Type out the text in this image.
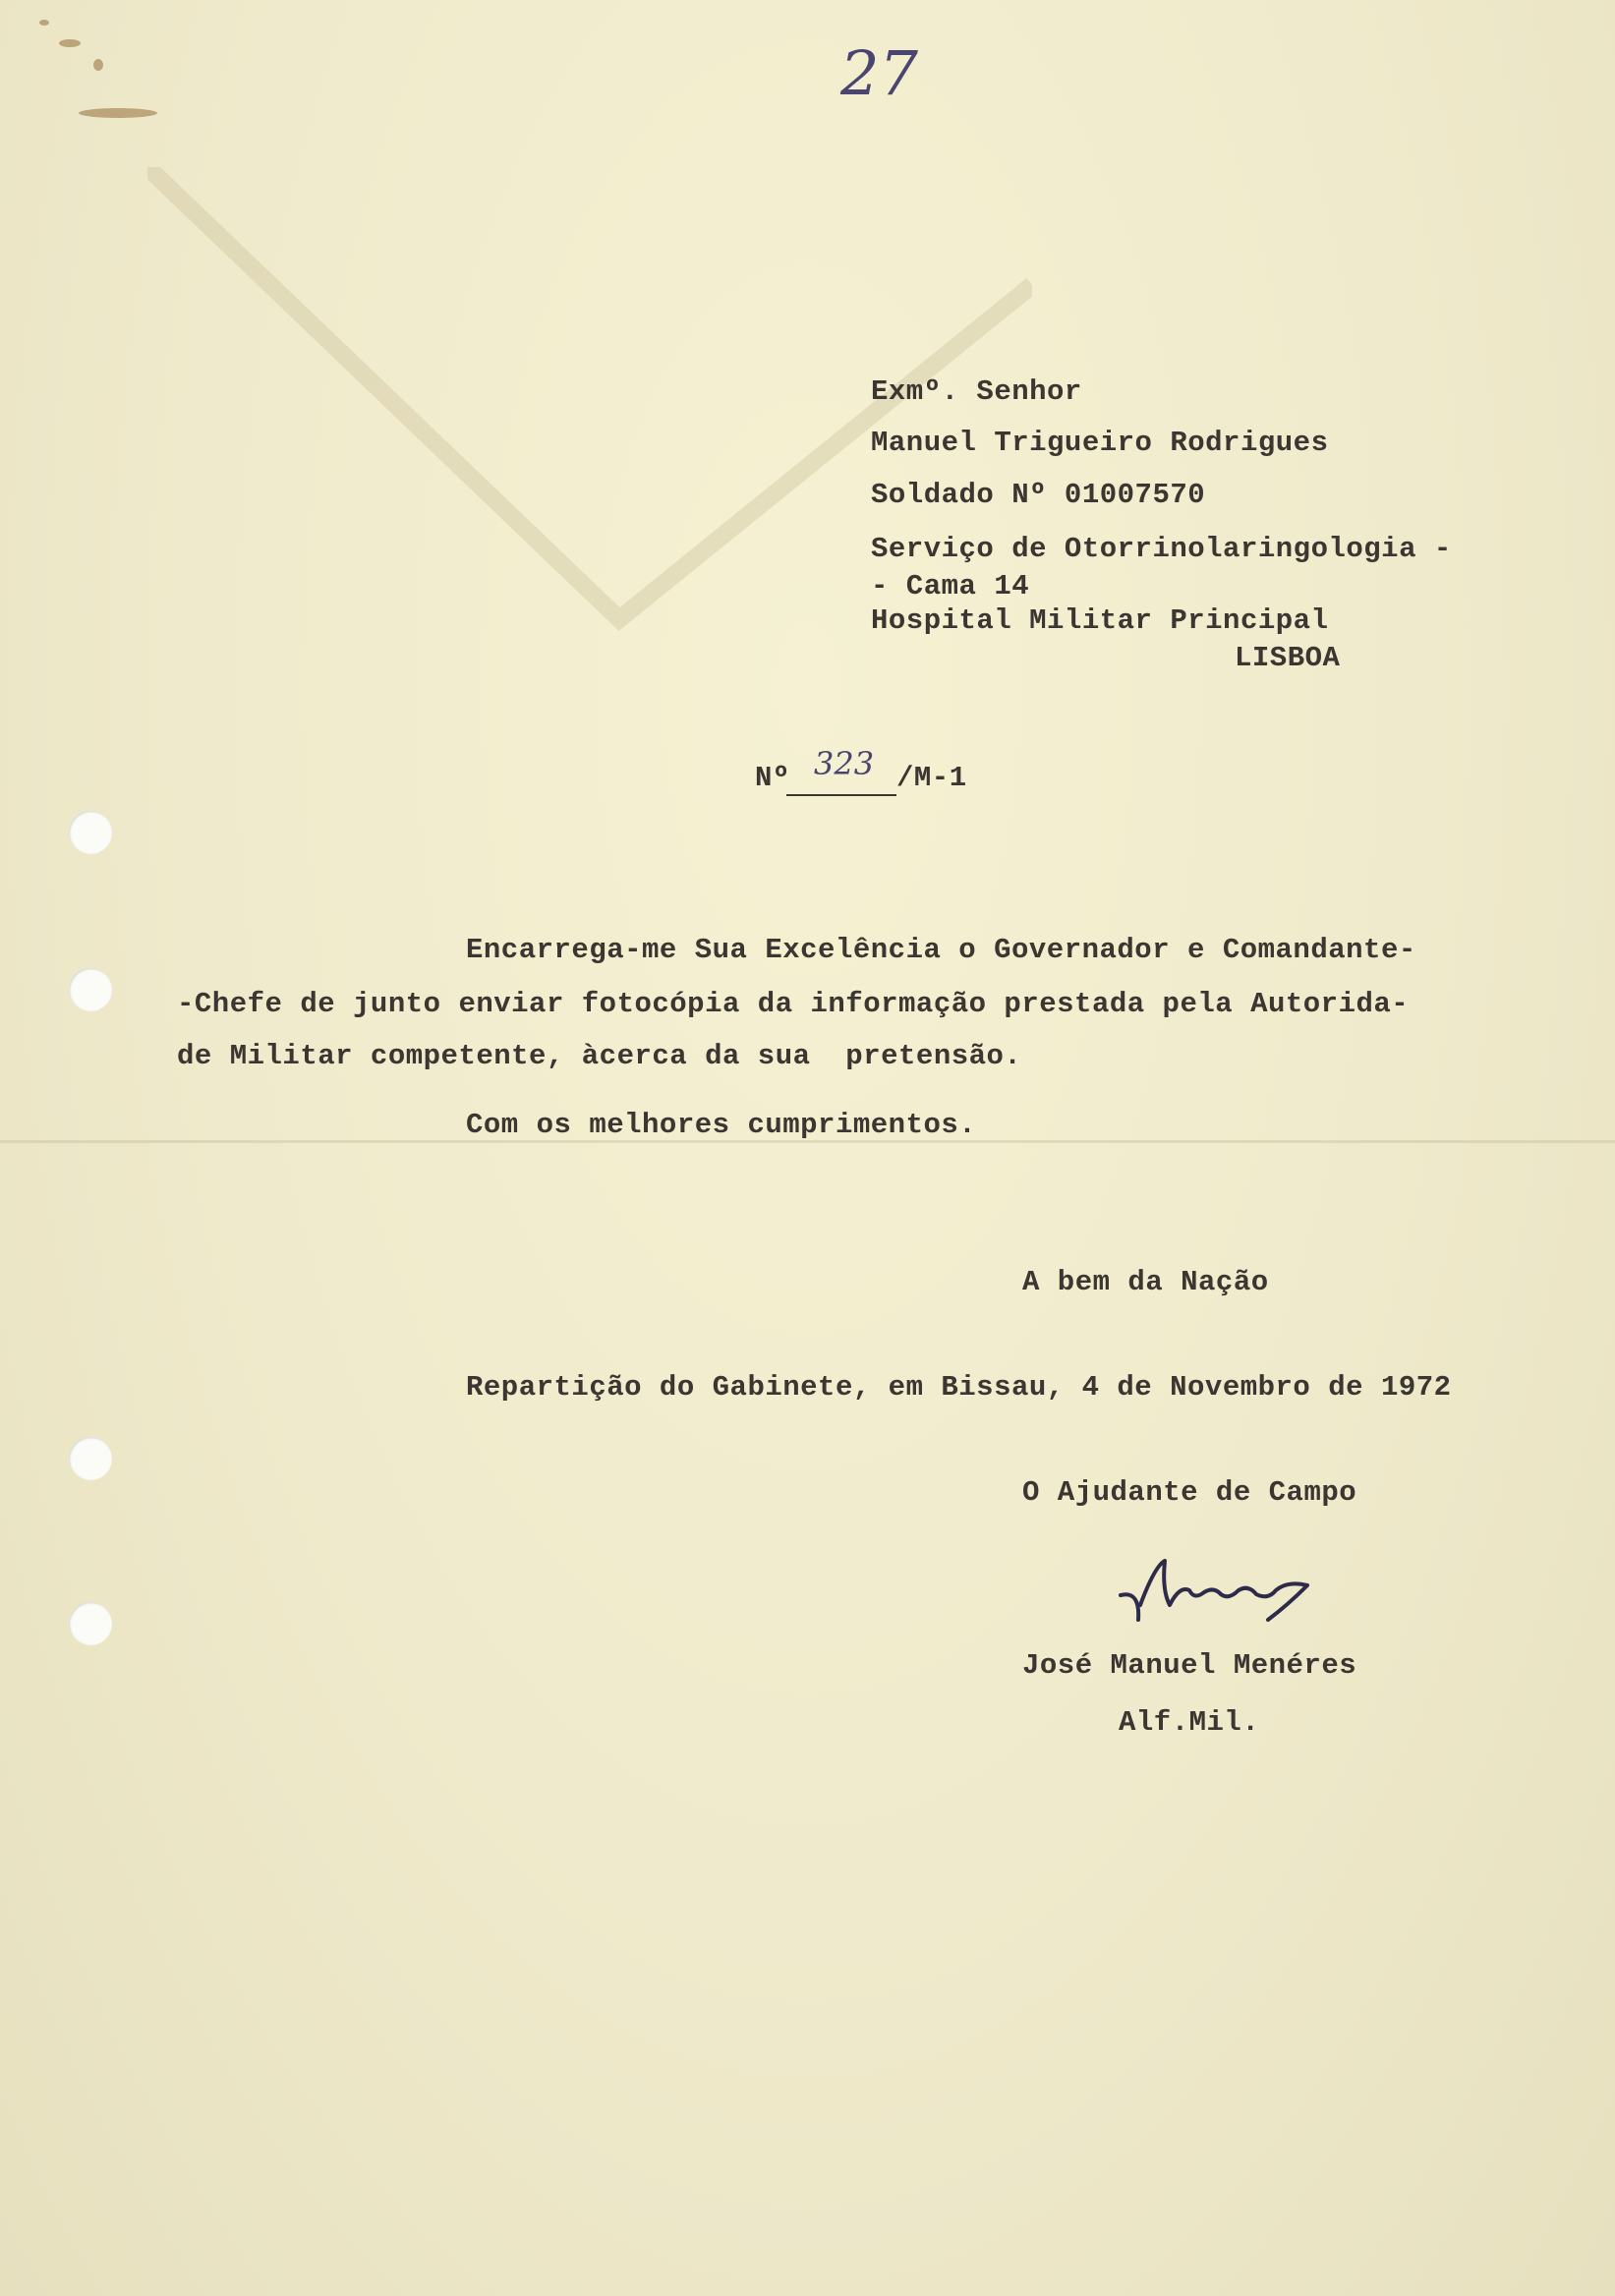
27
Exmº. Senhor
Manuel Trigueiro Rodrigues
Soldado Nº 01007570
Serviço de Otorrinolaringologia -
- Cama 14
Hospital Militar Principal
LISBOA
Nº 323 /M-1
Encarrega-me Sua Excelência o Governador e Comandante-
-Chefe de junto enviar fotocópia da informação prestada pela Autorida-
de Militar competente, àcerca da sua  pretensão.
Com os melhores cumprimentos.
A bem da Nação
Repartição do Gabinete, em Bissau, 4 de Novembro de 1972
O Ajudante de Campo
José Manuel Menéres
Alf.Mil.
